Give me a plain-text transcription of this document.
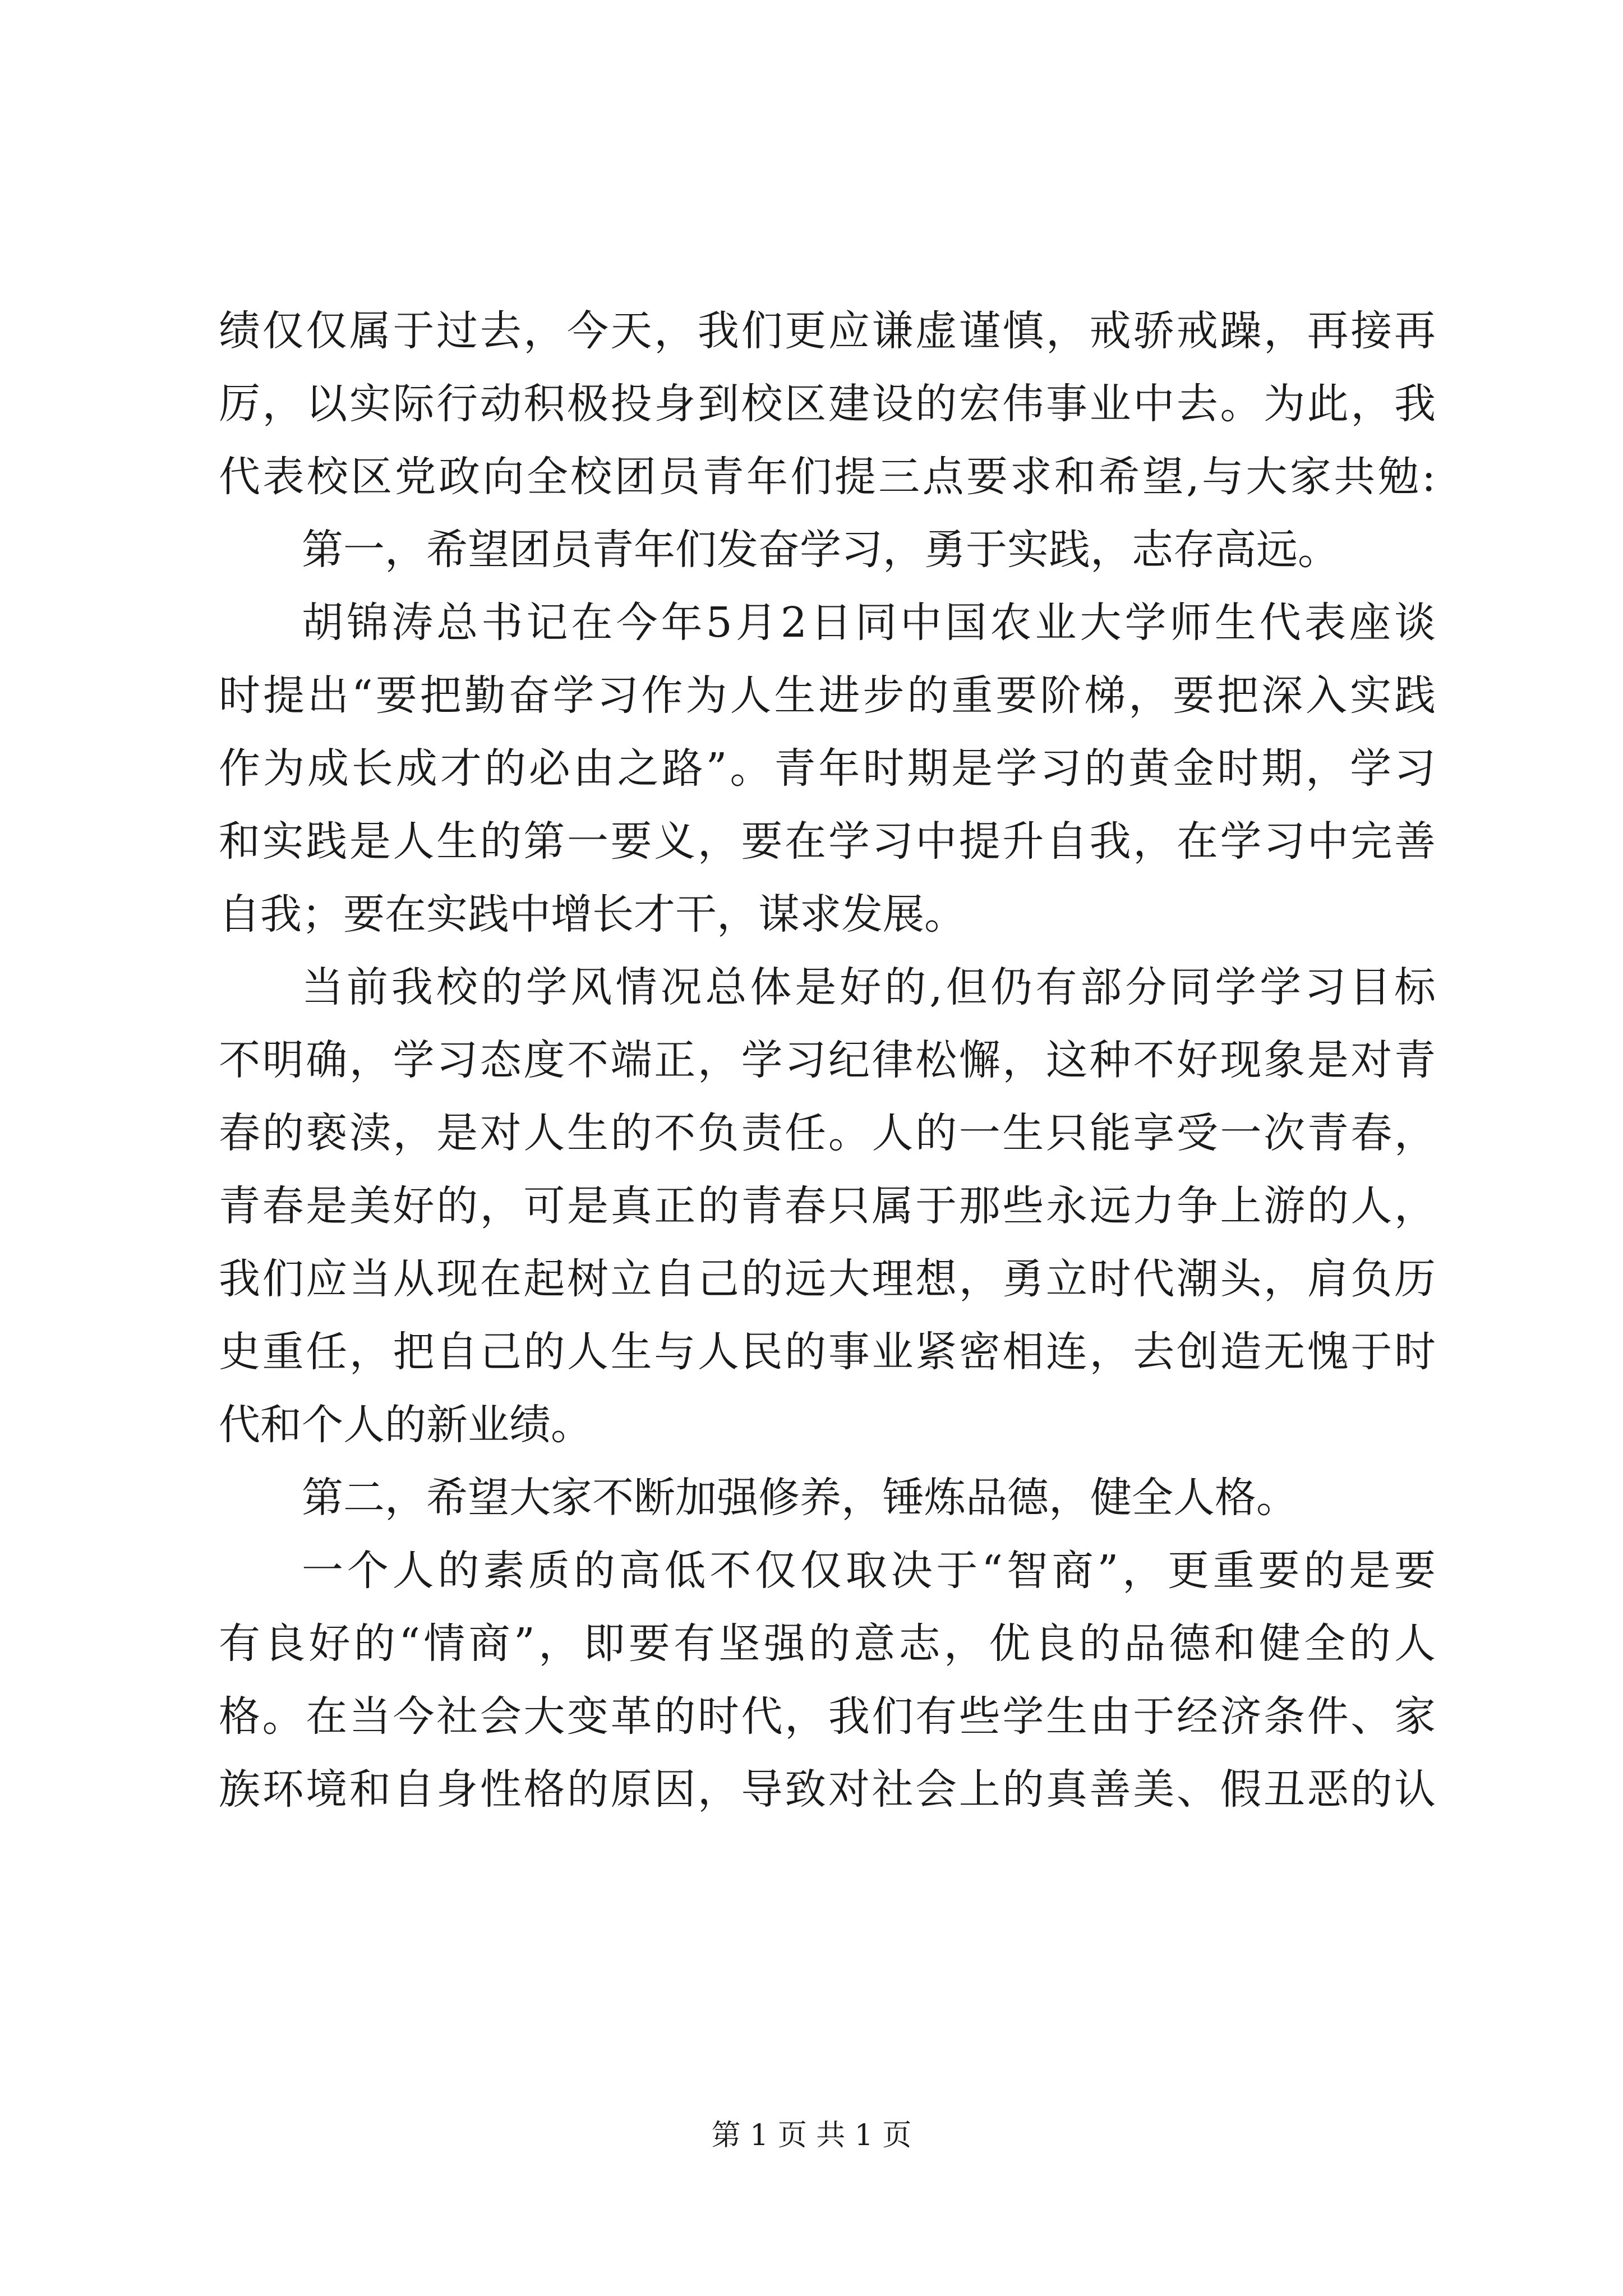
绩仅仅属于过去，今天，我们更应谦虚谨慎，戒骄戒躁，再接再
厉，以实际行动积极投身到校区建设的宏伟事业中去。为此，我
代表校区党政向全校团员青年们提三点要求和希望,与大家共勉:
第一，希望团员青年们发奋学习，勇于实践，志存高远。
胡锦涛总书记在今年5月2日同中国农业大学师生代表座谈
时提出“要把勤奋学习作为人生进步的重要阶梯，要把深入实践
作为成长成才的必由之路”。青年时期是学习的黄金时期，学习
和实践是人生的第一要义，要在学习中提升自我，在学习中完善
自我；要在实践中增长才干，谋求发展。
当前我校的学风情况总体是好的,但仍有部分同学学习目标
不明确，学习态度不端正，学习纪律松懈，这种不好现象是对青
春的亵渎，是对人生的不负责任。人的一生只能享受一次青春，
青春是美好的，可是真正的青春只属于那些永远力争上游的人，
我们应当从现在起树立自己的远大理想，勇立时代潮头，肩负历
史重任，把自己的人生与人民的事业紧密相连，去创造无愧于时
代和个人的新业绩。
第二，希望大家不断加强修养，锤炼品德，健全人格。
一个人的素质的高低不仅仅取决于“智商”，更重要的是要
有良好的“情商”，即要有坚强的意志，优良的品德和健全的人
格。在当今社会大变革的时代，我们有些学生由于经济条件、家
族环境和自身性格的原因，导致对社会上的真善美、假丑恶的认
第 1 页 共 1 页
